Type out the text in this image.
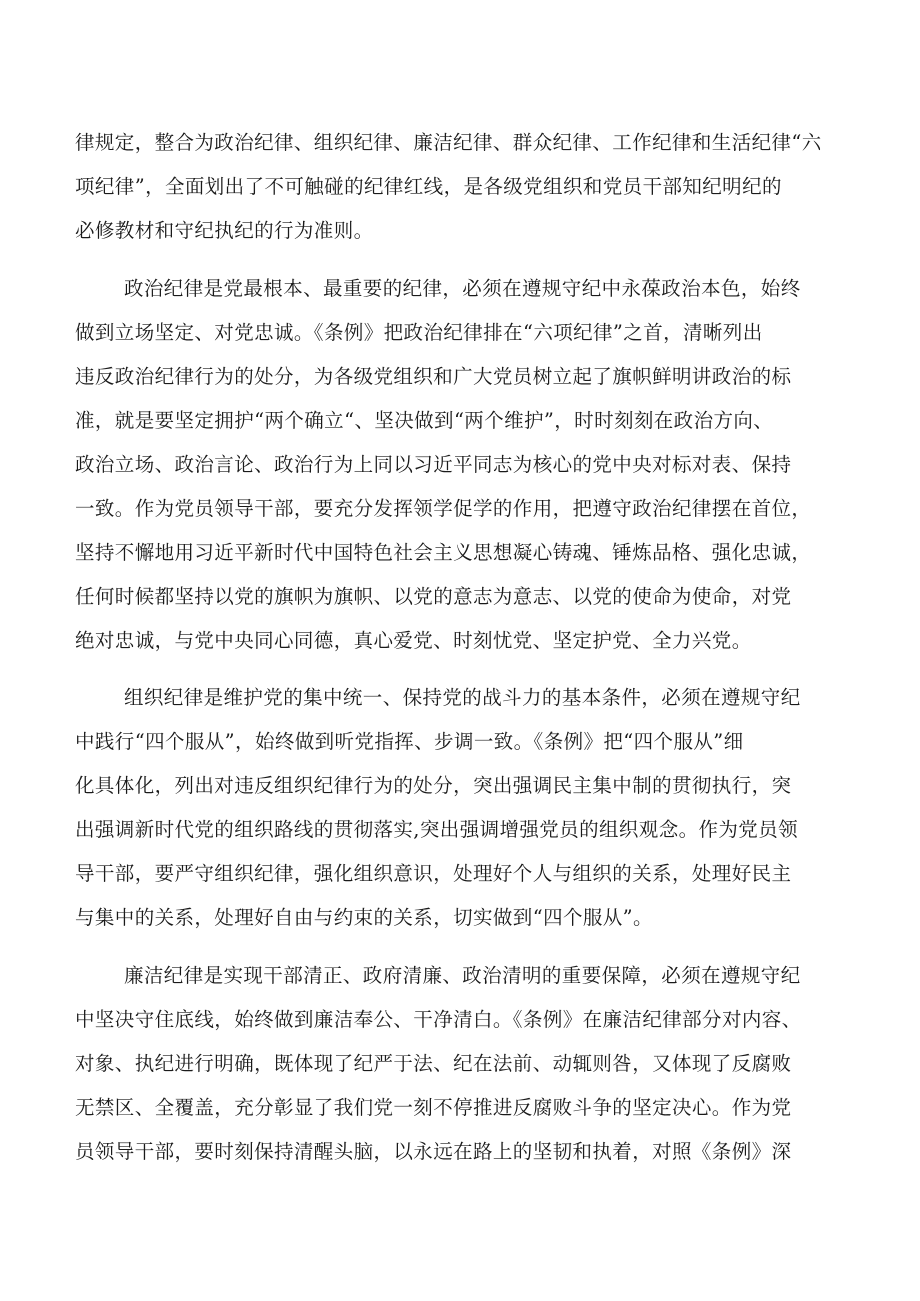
律规定，整合为政治纪律、组织纪律、廉洁纪律、群众纪律、工作纪律和生活纪律“六
项纪律”，全面划出了不可触碰的纪律红线，是各级党组织和党员干部知纪明纪的
必修教材和守纪执纪的行为准则。
政治纪律是党最根本、最重要的纪律，必须在遵规守纪中永葆政治本色，始终
做到立场坚定、对党忠诚。《条例》把政治纪律排在“六项纪律”之首，清晰列出
违反政治纪律行为的处分，为各级党组织和广大党员树立起了旗帜鲜明讲政治的标
准，就是要坚定拥护“两个确立“、坚决做到“两个维护”，时时刻刻在政治方向、
政治立场、政治言论、政治行为上同以习近平同志为核心的党中央对标对表、保持
一致。作为党员领导干部，要充分发挥领学促学的作用，把遵守政治纪律摆在首位，
坚持不懈地用习近平新时代中国特色社会主义思想凝心铸魂、锤炼品格、强化忠诚，
任何时候都坚持以党的旗帜为旗帜、以党的意志为意志、以党的使命为使命，对党
绝对忠诚，与党中央同心同德，真心爱党、时刻忧党、坚定护党、全力兴党。
组织纪律是维护党的集中统一、保持党的战斗力的基本条件，必须在遵规守纪
中践行“四个服从”，始终做到听党指挥、步调一致。《条例》把“四个服从”细
化具体化，列出对违反组织纪律行为的处分，突出强调民主集中制的贯彻执行，突
出强调新时代党的组织路线的贯彻落实,突出强调增强党员的组织观念。作为党员领
导干部，要严守组织纪律，强化组织意识，处理好个人与组织的关系，处理好民主
与集中的关系，处理好自由与约束的关系，切实做到“四个服从”。
廉洁纪律是实现干部清正、政府清廉、政治清明的重要保障，必须在遵规守纪
中坚决守住底线，始终做到廉洁奉公、干净清白。《条例》在廉洁纪律部分对内容、
对象、执纪进行明确，既体现了纪严于法、纪在法前、动辄则咎，又体现了反腐败
无禁区、全覆盖，充分彰显了我们党一刻不停推进反腐败斗争的坚定决心。作为党
员领导干部，要时刻保持清醒头脑，以永远在路上的坚韧和执着，对照《条例》深
